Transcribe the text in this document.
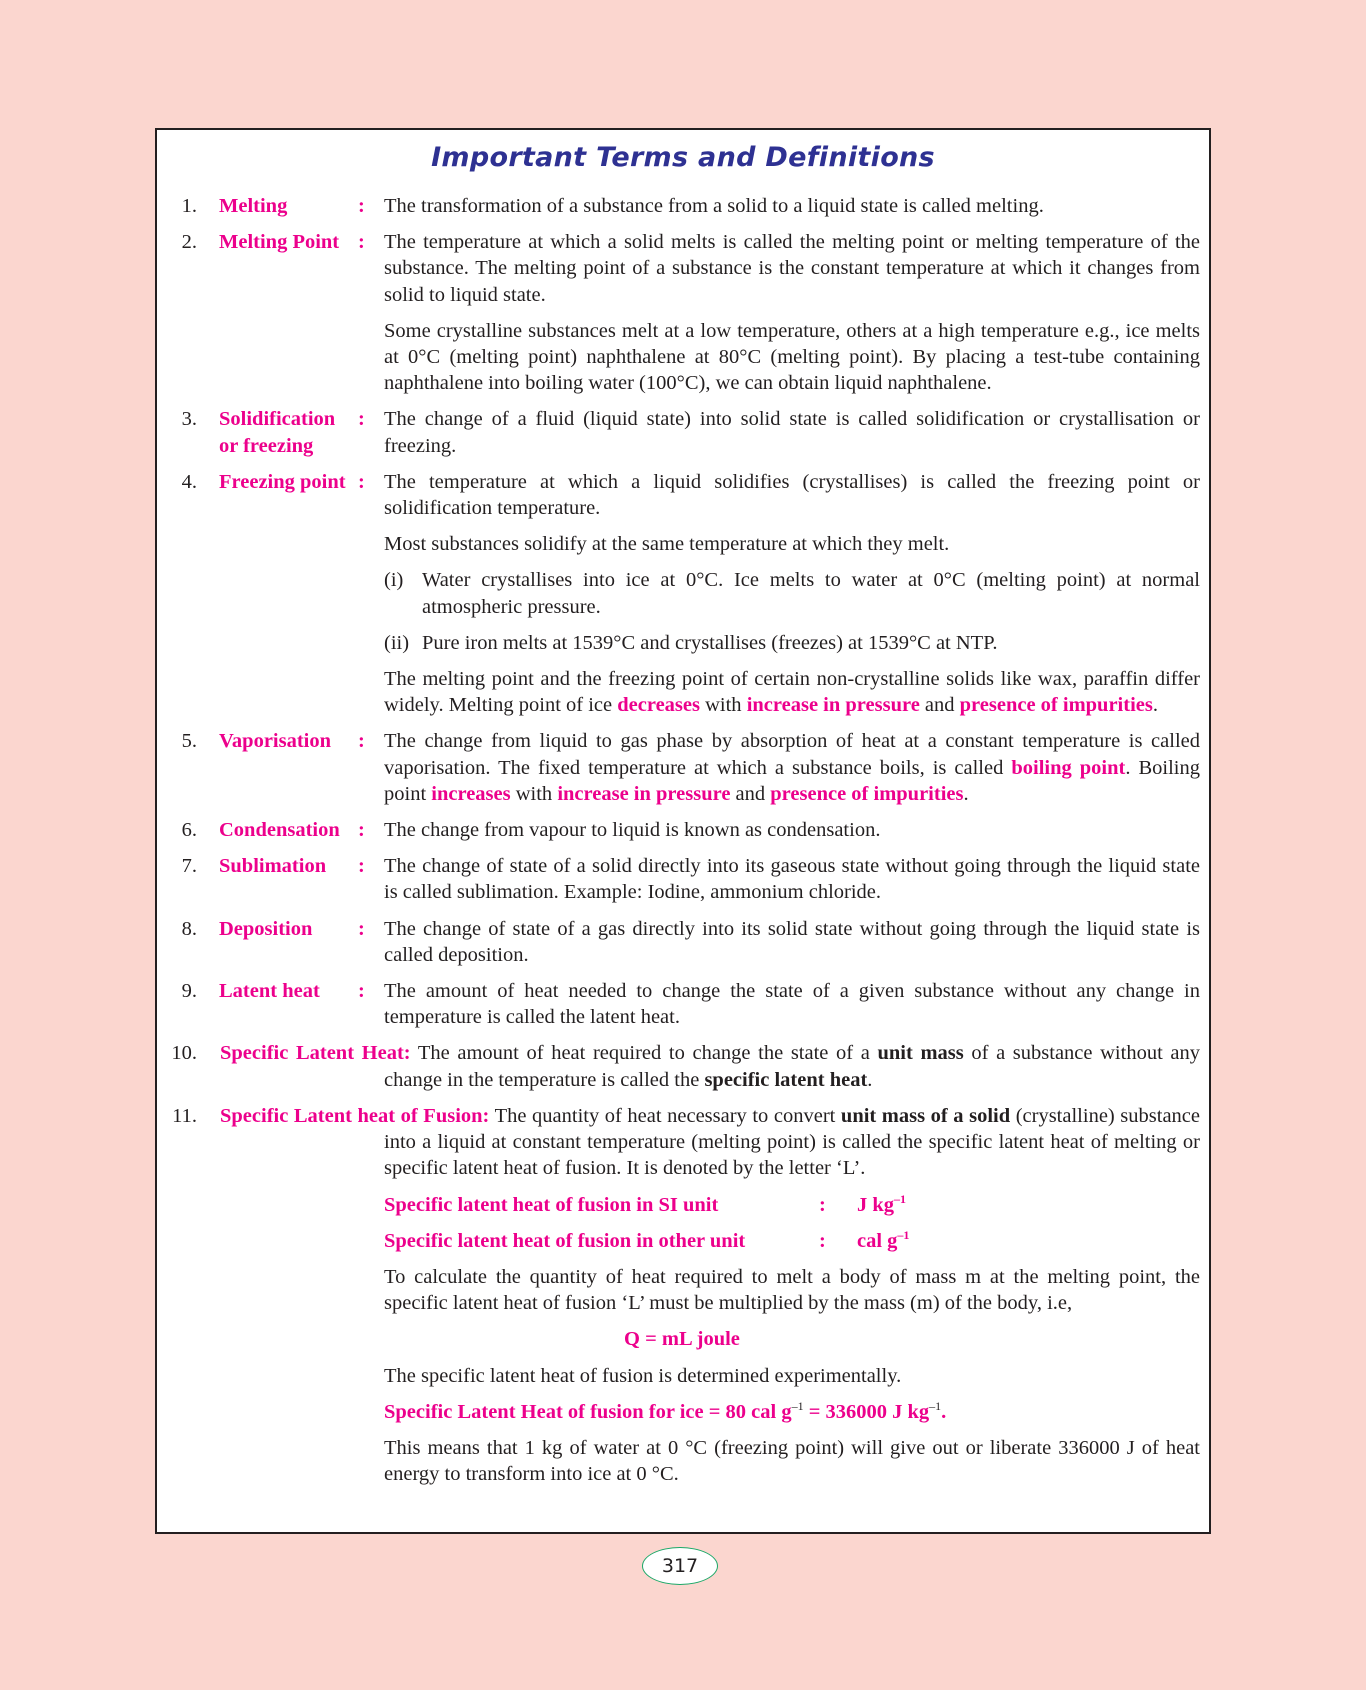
Important Terms and Definitions
1. Melting	: The transformation of a substance from a solid to a liquid state is called melting.
2. Melting Point : The temperature at which a solid melts is called the melting point or melting temperature of the substance. The melting point of a substance is the constant temperature at which it changes from solid to liquid state.
Some crystalline substances melt at a low temperature, others at a high temperature e.g., ice melts at 0°C (melting point) naphthalene at 80°C (melting point). By placing a test-tube containing naphthalene into boiling water (100°C), we can obtain liquid naphthalene.
3. Solidification or freezing
: The change of a fluid (liquid state) into solid state is called solidification or crystallisation or freezing.
4. Freezing point : The temperature at which a liquid solidifies (crystallises) is called the freezing point or solidification temperature.
Most substances solidify at the same temperature at which they melt.
(i) Water crystallises into ice at 0°C. Ice melts to water at 0°C (melting point) at normal atmospheric pressure.
(ii) Pure iron melts at 1539°C and crystallises (freezes) at 1539°C at NTP.
The melting point and the freezing point of certain non-crystalline solids like wax, paraffin differ widely. Melting point of ice decreases with increase in pressure and presence of impurities.
5. Vaporisation	: The change from liquid to gas phase by absorption of heat at a constant temperature is called vaporisation. The fixed temperature at which a substance boils, is called boiling point. Boiling point increases with increase in pressure and presence of impurities.
6. Condensation : The change from vapour to liquid is known as condensation.
7. Sublimation	: The change of state of a solid directly into its gaseous state without going through the liquid state is called sublimation. Example: Iodine, ammonium chloride.
8. Deposition	: The change of state of a gas directly into its solid state without going through the liquid state is called deposition.
9. Latent heat	: The amount of heat needed to change the state of a given substance without any change in temperature is called the latent heat.
10. Specific Latent Heat: The amount of heat required to change the state of a unit mass of a substance without any change in the temperature is called the specific latent heat.
11. Specific Latent heat of Fusion: The quantity of heat necessary to convert unit mass of a solid (crystalline) substance into a liquid at constant temperature (melting point) is called the specific latent heat of melting or specific latent heat of fusion. It is denoted by the letter ‘L’.
Specific latent heat of fusion in SI unit	:	J $kg^{-1}$
Specific latent heat of fusion in other unit	:	cal $g^{-1}$
To calculate the quantity of heat required to melt a body of mass m at the melting point, the specific latent heat of fusion ‘L’ must be multiplied by the mass (m) of the body, i.e,
Q = mL joule
The specific latent heat of fusion is determined experimentally.
Specific Latent Heat of fusion for ice = 80 cal $g^{-1} = 336000$ J $kg^{-1}$.
This means that 1 kg of water at 0 °C (freezing point) will give out or liberate 336000 J of heat energy to transform into ice at 0 °C.
317
